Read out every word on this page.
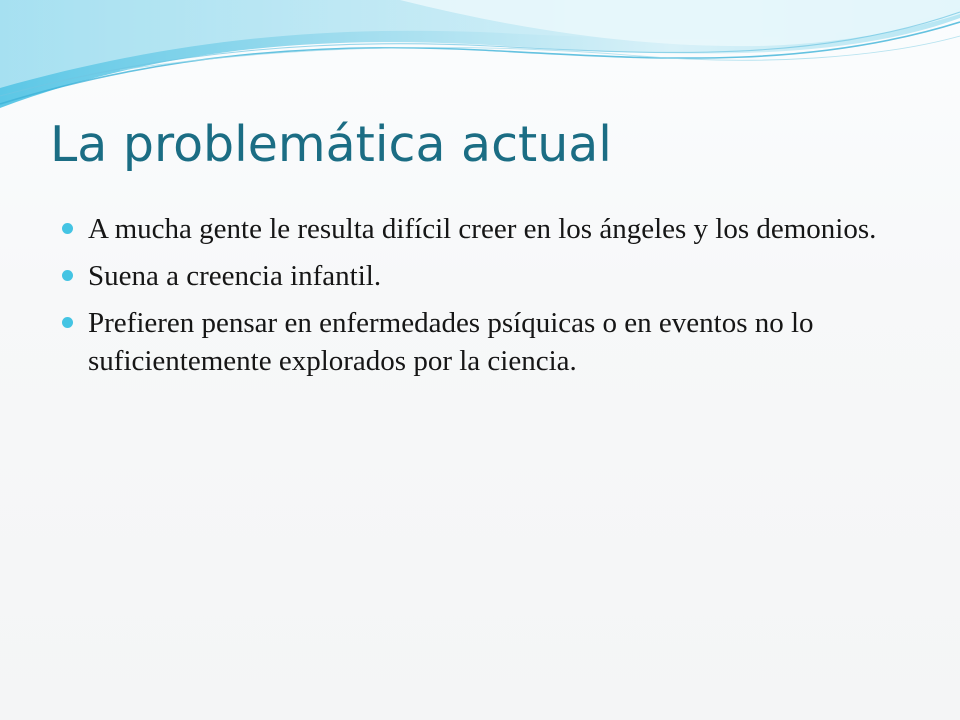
La problemática actual
A mucha gente le resulta difícil creer en los ángeles y los demonios.
Suena a creencia infantil.
Prefieren pensar en enfermedades psíquicas o en eventos no lo suficientemente explorados por la ciencia.
